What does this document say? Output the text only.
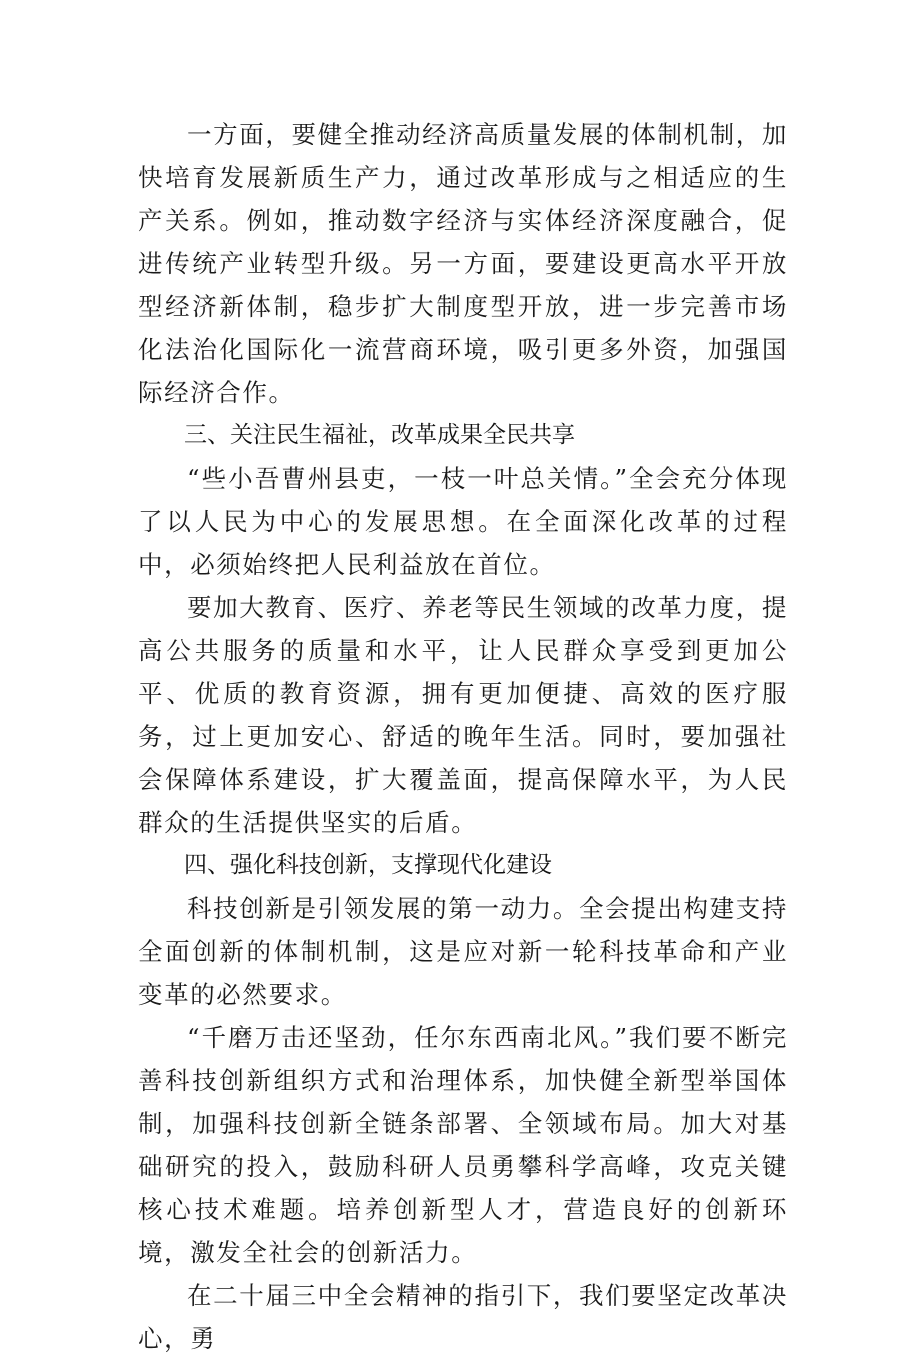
一方面，要健全推动经济高质量发展的体制机制，加快培育发展新质生产力，通过改革形成与之相适应的生产关系。例如，推动数字经济与实体经济深度融合，促进传统产业转型升级。另一方面，要建设更高水平开放型经济新体制，稳步扩大制度型开放，进一步完善市场化法治化国际化一流营商环境，吸引更多外资，加强国际经济合作。

三、关注民生福祉，改革成果全民共享

“些小吾曹州县吏，一枝一叶总关情。”全会充分体现了以人民为中心的发展思想。在全面深化改革的过程中，必须始终把人民利益放在首位。

要加大教育、医疗、养老等民生领域的改革力度，提高公共服务的质量和水平，让人民群众享受到更加公平、优质的教育资源，拥有更加便捷、高效的医疗服务，过上更加安心、舒适的晚年生活。同时，要加强社会保障体系建设，扩大覆盖面，提高保障水平，为人民群众的生活提供坚实的后盾。

四、强化科技创新，支撑现代化建设

科技创新是引领发展的第一动力。全会提出构建支持全面创新的体制机制，这是应对新一轮科技革命和产业变革的必然要求。

“千磨万击还坚劲，任尔东西南北风。”我们要不断完善科技创新组织方式和治理体系，加快健全新型举国体制，加强科技创新全链条部署、全领域布局。加大对基础研究的投入，鼓励科研人员勇攀科学高峰，攻克关键核心技术难题。培养创新型人才，营造良好的创新环境，激发全社会的创新活力。

在二十届三中全会精神的指引下，我们要坚定改革决心，勇
